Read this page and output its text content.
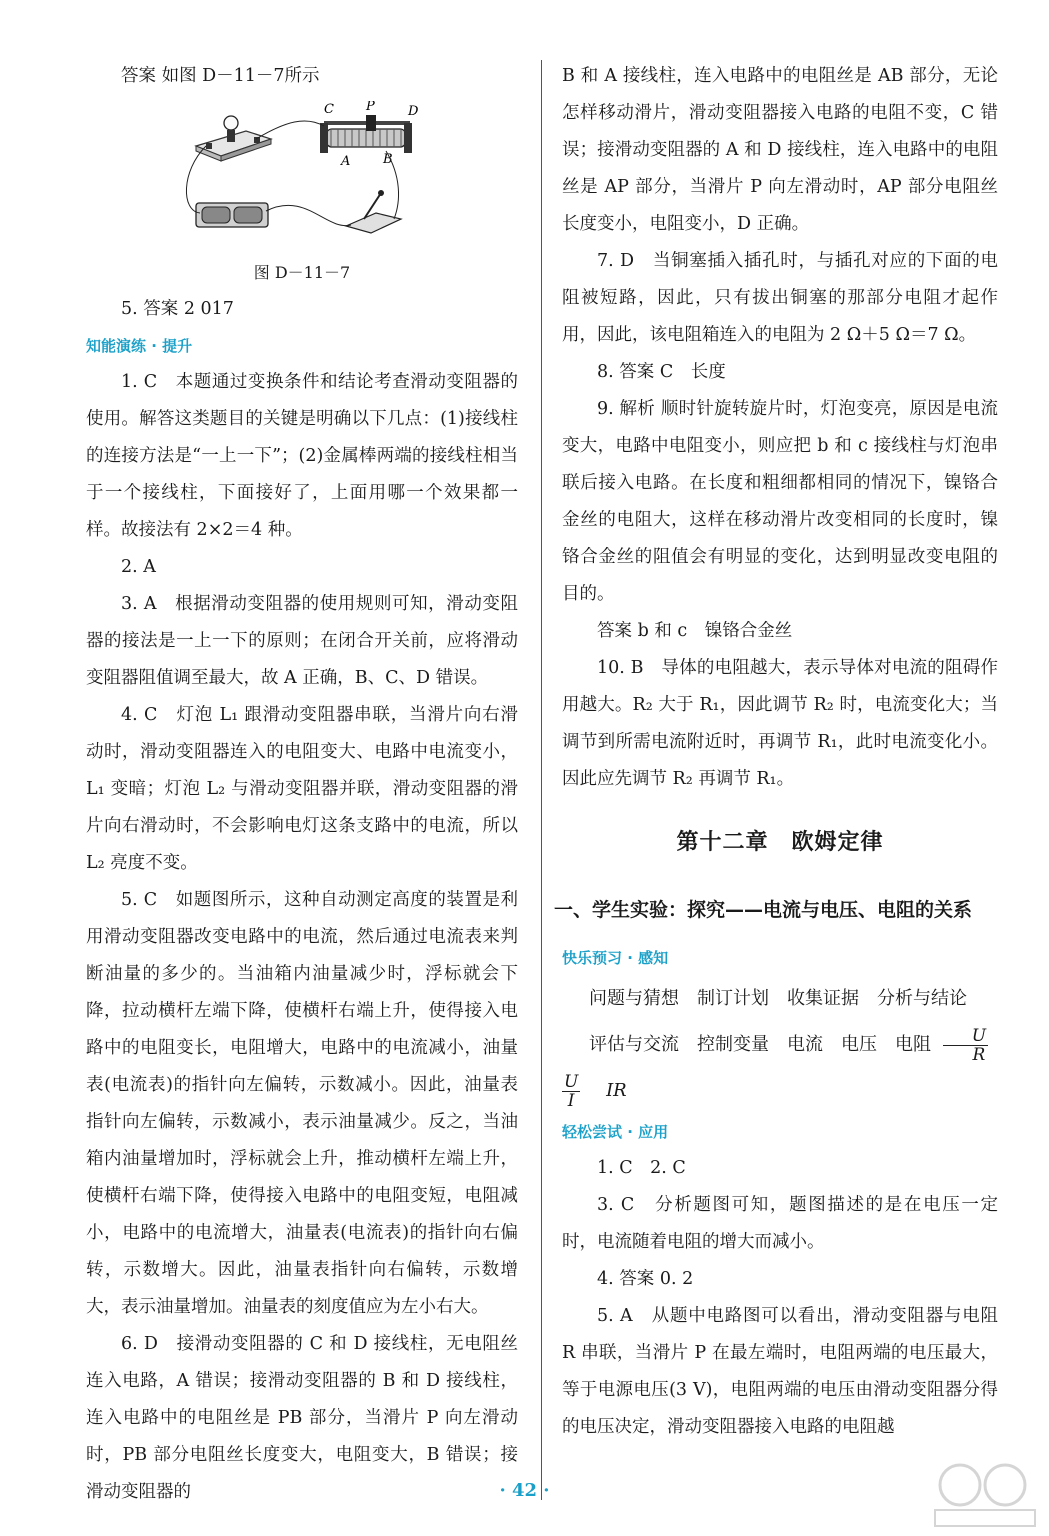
答案 如图 D－11－7所示

C P	D
A	B

图 D－11－7

5. 答案 2 017

知能演练 · 提升

1. C　本题通过变换条件和结论考查滑动变阻器的使用。解答这类题目的关键是明确以下几点：(1)接线柱的连接方法是“一上一下”；(2)金属棒两端的接线柱相当于一个接线柱，下面接好了，上面用哪一个效果都一样。故接法有 2×2＝4 种。

2. A

3. A　根据滑动变阻器的使用规则可知，滑动变阻器的接法是一上一下的原则；在闭合开关前，应将滑动变阻器阻值调至最大，故 A 正确，B、C、D 错误。

4. C　灯泡 L₁ 跟滑动变阻器串联，当滑片向右滑动时，滑动变阻器连入的电阻变大、电路中电流变小，L₁ 变暗；灯泡 L₂ 与滑动变阻器并联，滑动变阻器的滑片向右滑动时，不会影响电灯这条支路中的电流，所以 L₂ 亮度不变。

5. C　如题图所示，这种自动测定高度的装置是利用滑动变阻器改变电路中的电流，然后通过电流表来判断油量的多少的。当油箱内油量减少时，浮标就会下降，拉动横杆左端下降，使横杆右端上升，使得接入电路中的电阻变长，电阻增大，电路中的电流减小，油量表(电流表)的指针向左偏转，示数减小。因此，油量表指针向左偏转，示数减小，表示油量减少。反之，当油箱内油量增加时，浮标就会上升，推动横杆左端上升，使横杆右端下降，使得接入电路中的电阻变短，电阻减小，电路中的电流增大，油量表(电流表)的指针向右偏转，示数增大。因此，油量表指针向右偏转，示数增大，表示油量增加。油量表的刻度值应为左小右大。

6. D　接滑动变阻器的 C 和 D 接线柱，无电阻丝连入电路，A 错误；接滑动变阻器的 B 和 D 接线柱，连入电路中的电阻丝是 PB 部分，当滑片 P 向左滑动时，PB 部分电阻丝长度变大，电阻变大，B 错误；接滑动变阻器的

B 和 A 接线柱，连入电路中的电阻丝是 AB 部分，无论怎样移动滑片，滑动变阻器接入电路的电阻不变，C 错误；接滑动变阻器的 A 和 D 接线柱，连入电路中的电阻丝是 AP 部分，当滑片 P 向左滑动时，AP 部分电阻丝长度变小，电阻变小，D 正确。

7. D　当铜塞插入插孔时，与插孔对应的下面的电阻被短路，因此，只有拔出铜塞的那部分电阻才起作用，因此，该电阻箱连入的电阻为 2 Ω＋5 Ω＝7 Ω。

8. 答案 C　长度

9. 解析 顺时针旋转旋片时，灯泡变亮，原因是电流变大，电路中电阻变小，则应把 b 和 c 接线柱与灯泡串联后接入电路。在长度和粗细都相同的情况下，镍铬合金丝的电阻大，这样在移动滑片改变相同的长度时，镍铬合金丝的阻值会有明显的变化，达到明显改变电阻的目的。

答案 b 和 c　镍铬合金丝

10. B　导体的电阻越大，表示导体对电流的阻碍作用越大。R₂ 大于 R₁，因此调节 R₂ 时，电流变化大；当调节到所需电流附近时，再调节 R₁，此时电流变化小。因此应先调节 R₂ 再调节 R₁。

第十二章　欧姆定律
一、学生实验：探究——电流与电压、电阻的关系

快乐预习 · 感知

问题与猜想　制订计划　收集证据　分析与结论

评估与交流　控制变量　电流　电压　电阻 $\frac{U}{R}$

$\frac{U}{I}$ IR

轻松尝试 · 应用

1. C　2. C

3. C　分析题图可知，题图描述的是在电压一定时，电流随着电阻的增大而减小。

4. 答案 0. 2

5. A　从题中电路图可以看出，滑动变阻器与电阻 R 串联，当滑片 P 在最左端时，电阻两端的电压最大，等于电源电压(3 V)，电阻两端的电压由滑动变阻器分得的电压决定，滑动变阻器接入电路的电阻越

· 42 ·
